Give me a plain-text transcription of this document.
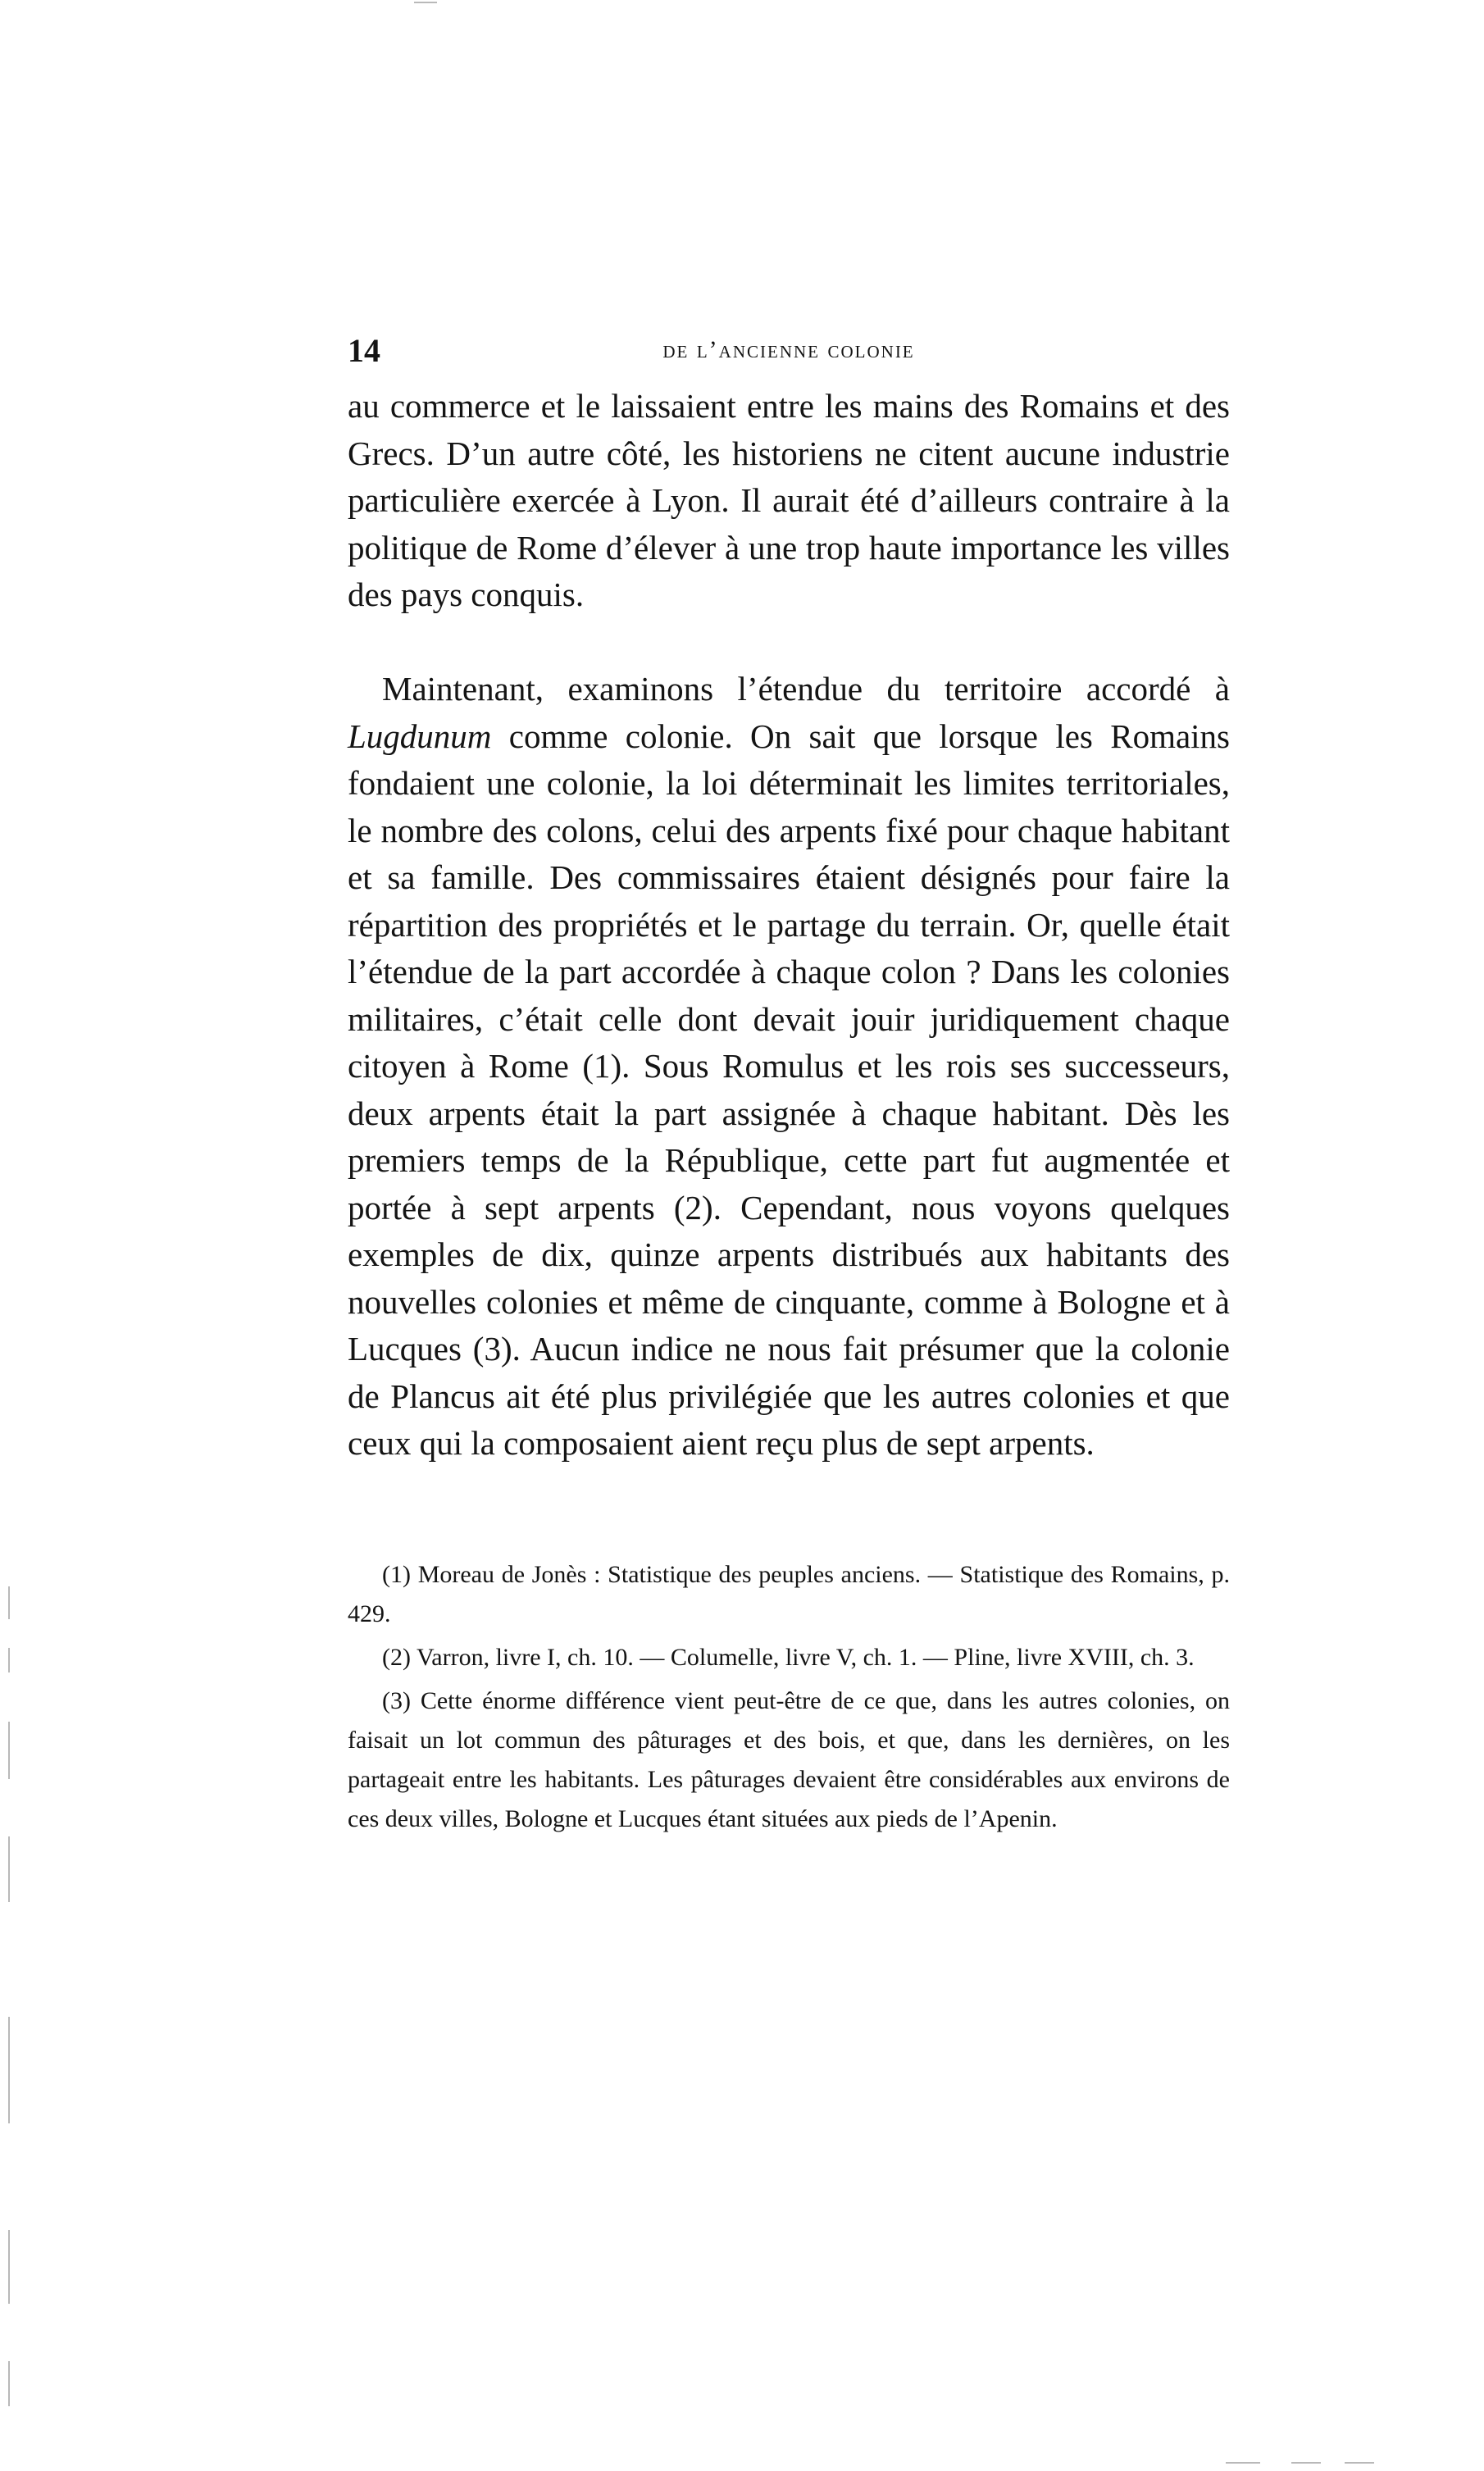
14	de l’ancienne colonie
au commerce et le laissaient entre les mains des Romains et des Grecs. D’un autre côté, les historiens ne citent aucune industrie particulière exercée à Lyon. Il aurait été d’ailleurs contraire à la politique de Rome d’élever à une trop haute importance les villes des pays conquis.
Maintenant, examinons l’étendue du territoire accordé à Lugdunum comme colonie. On sait que lorsque les Romains fondaient une colonie, la loi déterminait les limites territoriales, le nombre des colons, celui des arpents fixé pour chaque habitant et sa famille. Des commissaires étaient désignés pour faire la répartition des propriétés et le partage du terrain. Or, quelle était l’étendue de la part accordée à chaque colon ? Dans les colonies militaires, c’était celle dont devait jouir juridiquement chaque citoyen à Rome (1). Sous Romulus et les rois ses successeurs, deux arpents était la part assignée à chaque habitant. Dès les premiers temps de la République, cette part fut augmentée et portée à sept arpents (2). Cependant, nous voyons quelques exemples de dix, quinze arpents distribués aux habitants des nouvelles colonies et même de cinquante, comme à Bologne et à Lucques (3). Aucun indice ne nous fait présumer que la colonie de Plancus ait été plus privilégiée que les autres colonies et que ceux qui la composaient aient reçu plus de sept arpents.

(1) Moreau de Jonès : Statistique des peuples anciens. — Statistique des Romains, p. 429.

(2) Varron, livre I, ch. 10. — Columelle, livre V, ch. 1. — Pline, livre XVIII, ch. 3.

(3) Cette énorme différence vient peut-être de ce que, dans les autres colonies, on faisait un lot commun des pâturages et des bois, et que, dans les dernières, on les partageait entre les habitants. Les pâturages devaient être considérables aux environs de ces deux villes, Bologne et Lucques étant situées aux pieds de l’Apenin.
